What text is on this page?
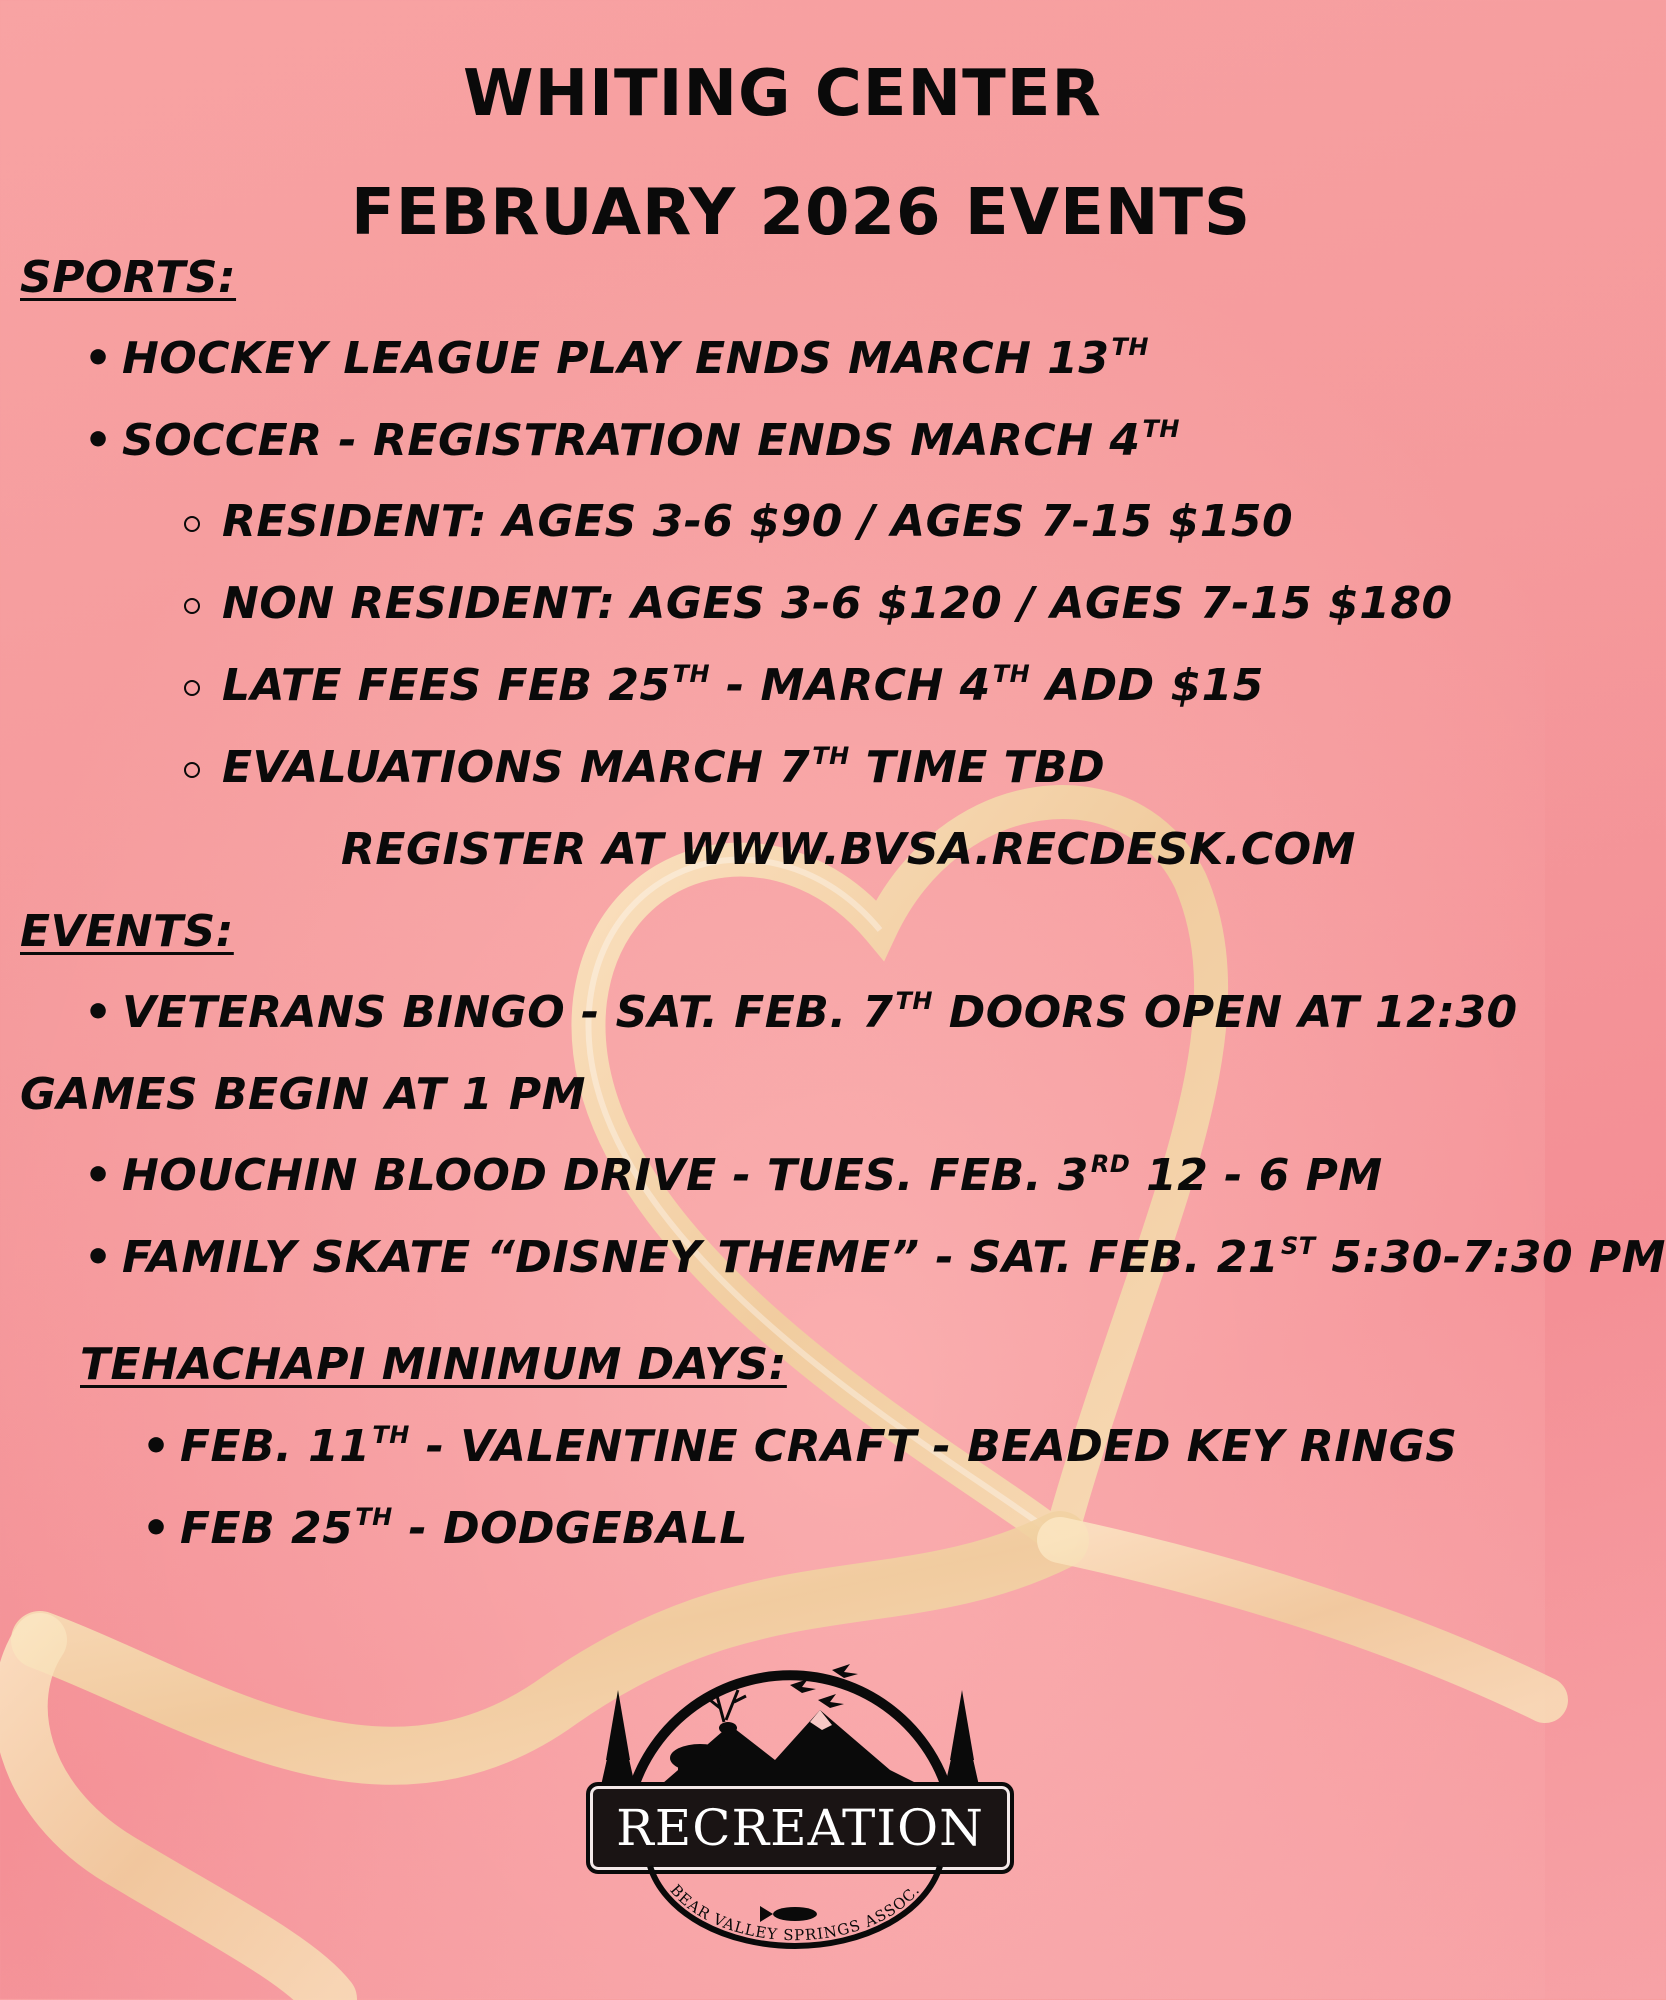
WHITING CENTER

FEBRUARY 2026 EVENTS

SPORTS:

• HOCKEY LEAGUE PLAY ENDS MARCH 13TH

• SOCCER - REGISTRATION ENDS MARCH 4TH

RESIDENT: AGES 3-6 $90 / AGES 7-15 $150

NON RESIDENT: AGES 3-6 $120 / AGES 7-15 $180

LATE FEES FEB 25TH - MARCH 4TH ADD $15

EVALUATIONS MARCH 7TH TIME TBD

REGISTER AT WWW.BVSA.RECDESK.COM

EVENTS:

• VETERANS BINGO - SAT. FEB. 7TH DOORS OPEN AT 12:30

GAMES BEGIN AT 1 PM

• HOUCHIN BLOOD DRIVE - TUES. FEB. 3RD 12 - 6 PM

• FAMILY SKATE “DISNEY THEME” - SAT. FEB. 21ST 5:30-7:30 PM

TEHACHAPI MINIMUM DAYS:

• FEB. 11TH - VALENTINE CRAFT - BEADED KEY RINGS

• FEB 25TH - DODGEBALL

RECREATION
BEAR VALLEY SPRINGS ASSOC.
